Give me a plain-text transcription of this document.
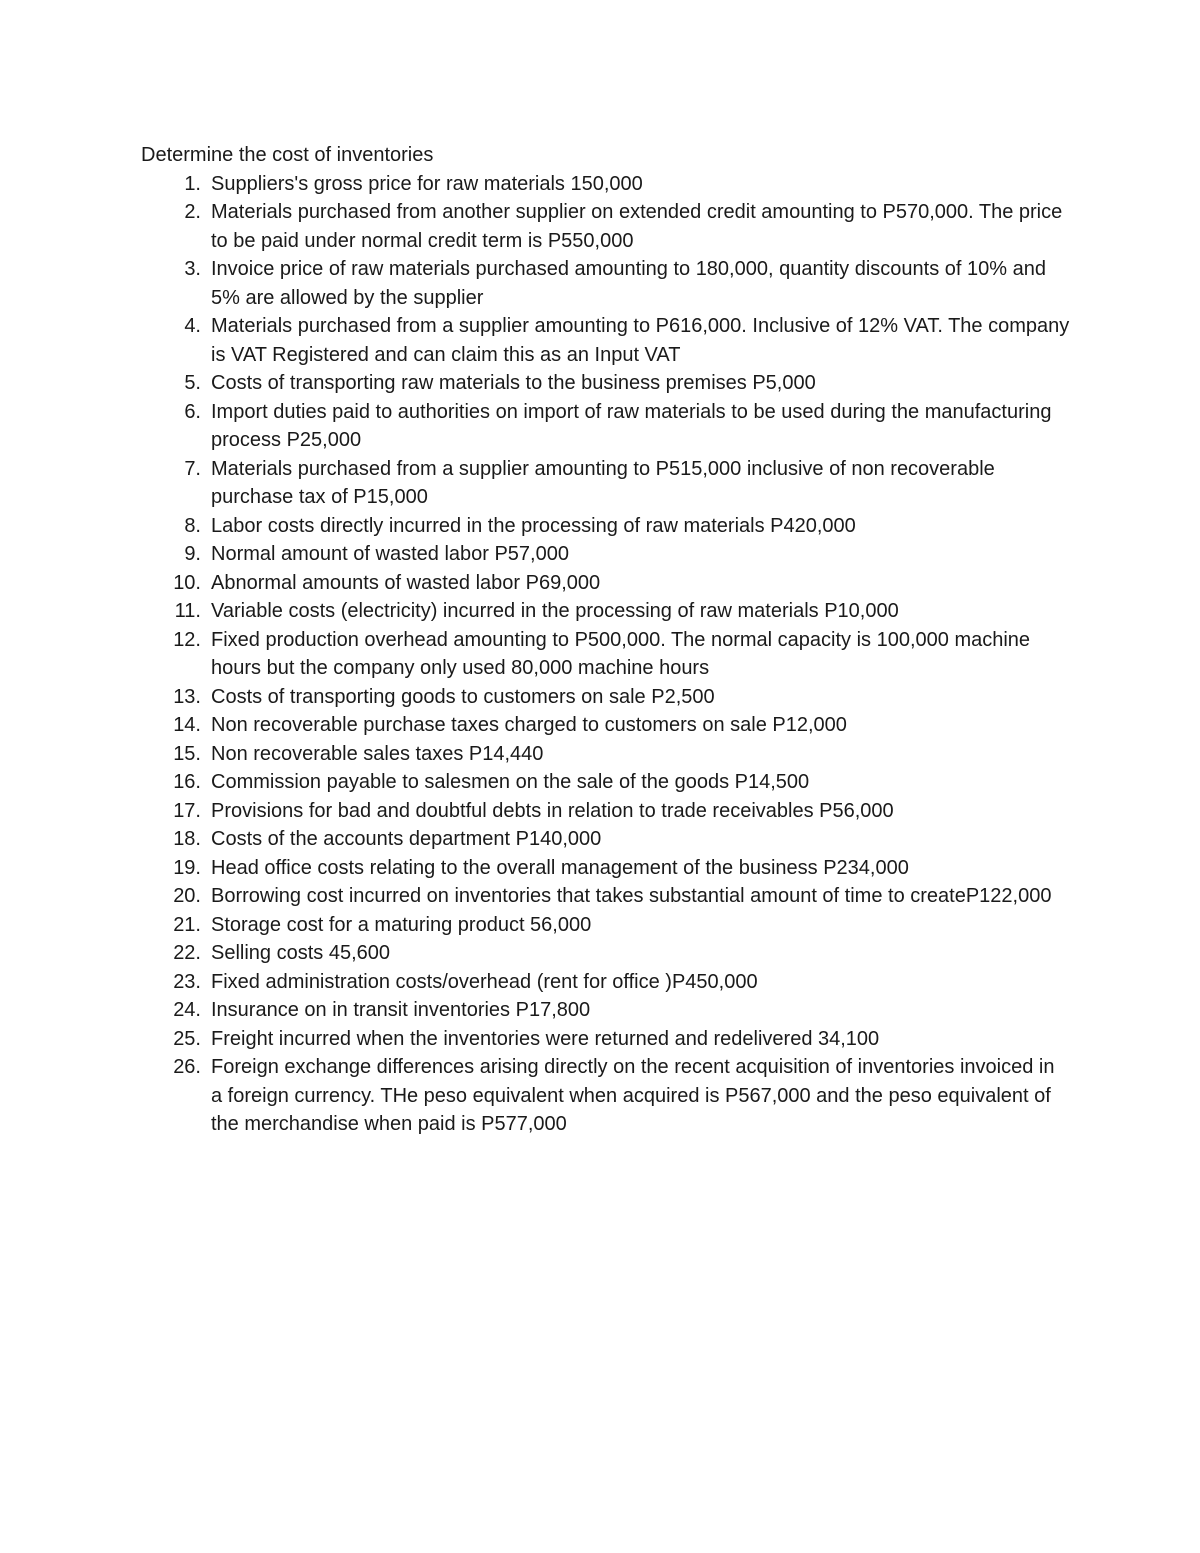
Determine the cost of inventories

1. Suppliers's gross price for raw materials 150,000
2. Materials purchased from another supplier on extended credit amounting to P570,000. The price to be paid under normal credit term is P550,000
3. Invoice price of raw materials purchased amounting to 180,000, quantity discounts of 10% and 5% are allowed by the supplier
4. Materials purchased from a supplier amounting to P616,000. Inclusive of 12% VAT. The company is VAT Registered and can claim this as an Input VAT
5. Costs of transporting raw materials to the business premises P5,000
6. Import duties paid to authorities on import of raw materials to be used during the manufacturing process P25,000
7. Materials purchased from a supplier amounting to P515,000 inclusive of non recoverable purchase tax of P15,000
8. Labor costs directly incurred in the processing of raw materials P420,000
9. Normal amount of wasted labor P57,000
10. Abnormal amounts of wasted labor P69,000
11. Variable costs (electricity) incurred in the processing of raw materials P10,000
12. Fixed production overhead amounting to P500,000. The normal capacity is 100,000 machine hours but the company only used 80,000 machine hours
13. Costs of transporting goods to customers on sale P2,500
14. Non recoverable purchase taxes charged to customers on sale P12,000
15. Non recoverable sales taxes P14,440
16. Commission payable to salesmen on the sale of the goods P14,500
17. Provisions for bad and doubtful debts in relation to trade receivables P56,000
18. Costs of the accounts department P140,000
19. Head office costs relating to the overall management of the business P234,000
20. Borrowing cost incurred on inventories that takes substantial amount of time to createP122,000
21. Storage cost for a maturing product 56,000
22. Selling costs 45,600
23. Fixed administration costs/overhead (rent for office )P450,000
24. Insurance on in transit inventories P17,800
25. Freight incurred when the inventories were returned and redelivered 34,100
26. Foreign exchange differences arising directly on the recent acquisition of inventories invoiced in a foreign currency. THe peso equivalent when acquired is P567,000 and the peso equivalent of the merchandise when paid is P577,000
